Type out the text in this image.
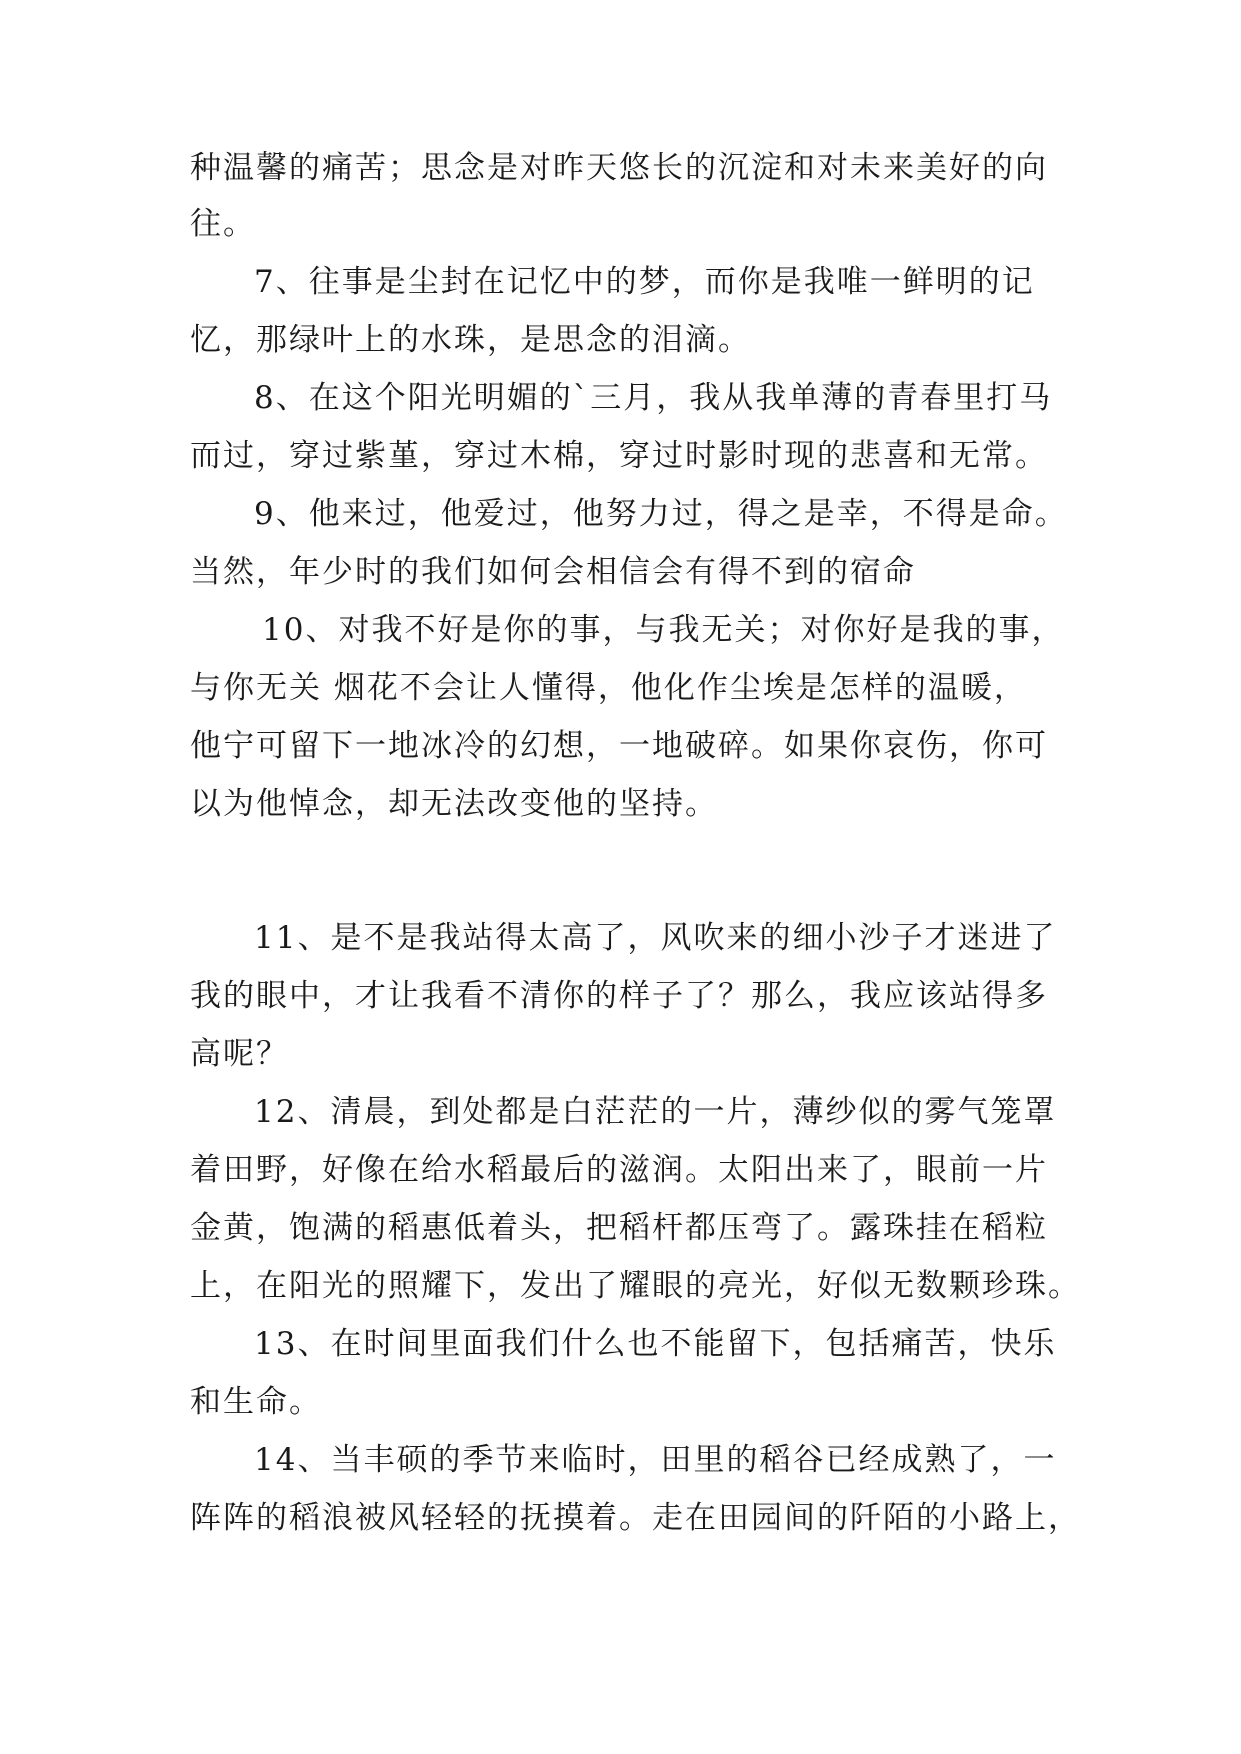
种温馨的痛苦；思念是对昨天悠长的沉淀和对未来美好的向
往。
7、往事是尘封在记忆中的梦，而你是我唯一鲜明的记
忆，那绿叶上的水珠，是思念的泪滴。
8、在这个阳光明媚的`三月，我从我单薄的青春里打马
而过，穿过紫堇，穿过木棉，穿过时影时现的悲喜和无常。
9、他来过，他爱过，他努力过，得之是幸，不得是命。
当然，年少时的我们如何会相信会有得不到的宿命
10、对我不好是你的事，与我无关；对你好是我的事，
与你无关 烟花不会让人懂得，他化作尘埃是怎样的温暖，
他宁可留下一地冰冷的幻想，一地破碎。如果你哀伤，你可
以为他悼念，却无法改变他的坚持。
11、是不是我站得太高了，风吹来的细小沙子才迷进了
我的眼中，才让我看不清你的样子了？那么，我应该站得多
高呢？
12、清晨，到处都是白茫茫的一片，薄纱似的雾气笼罩
着田野，好像在给水稻最后的滋润。太阳出来了，眼前一片
金黄，饱满的稻惠低着头，把稻杆都压弯了。露珠挂在稻粒
上，在阳光的照耀下，发出了耀眼的亮光，好似无数颗珍珠。
13、在时间里面我们什么也不能留下，包括痛苦，快乐
和生命。
14、当丰硕的季节来临时，田里的稻谷已经成熟了，一
阵阵的稻浪被风轻轻的抚摸着。走在田园间的阡陌的小路上，
